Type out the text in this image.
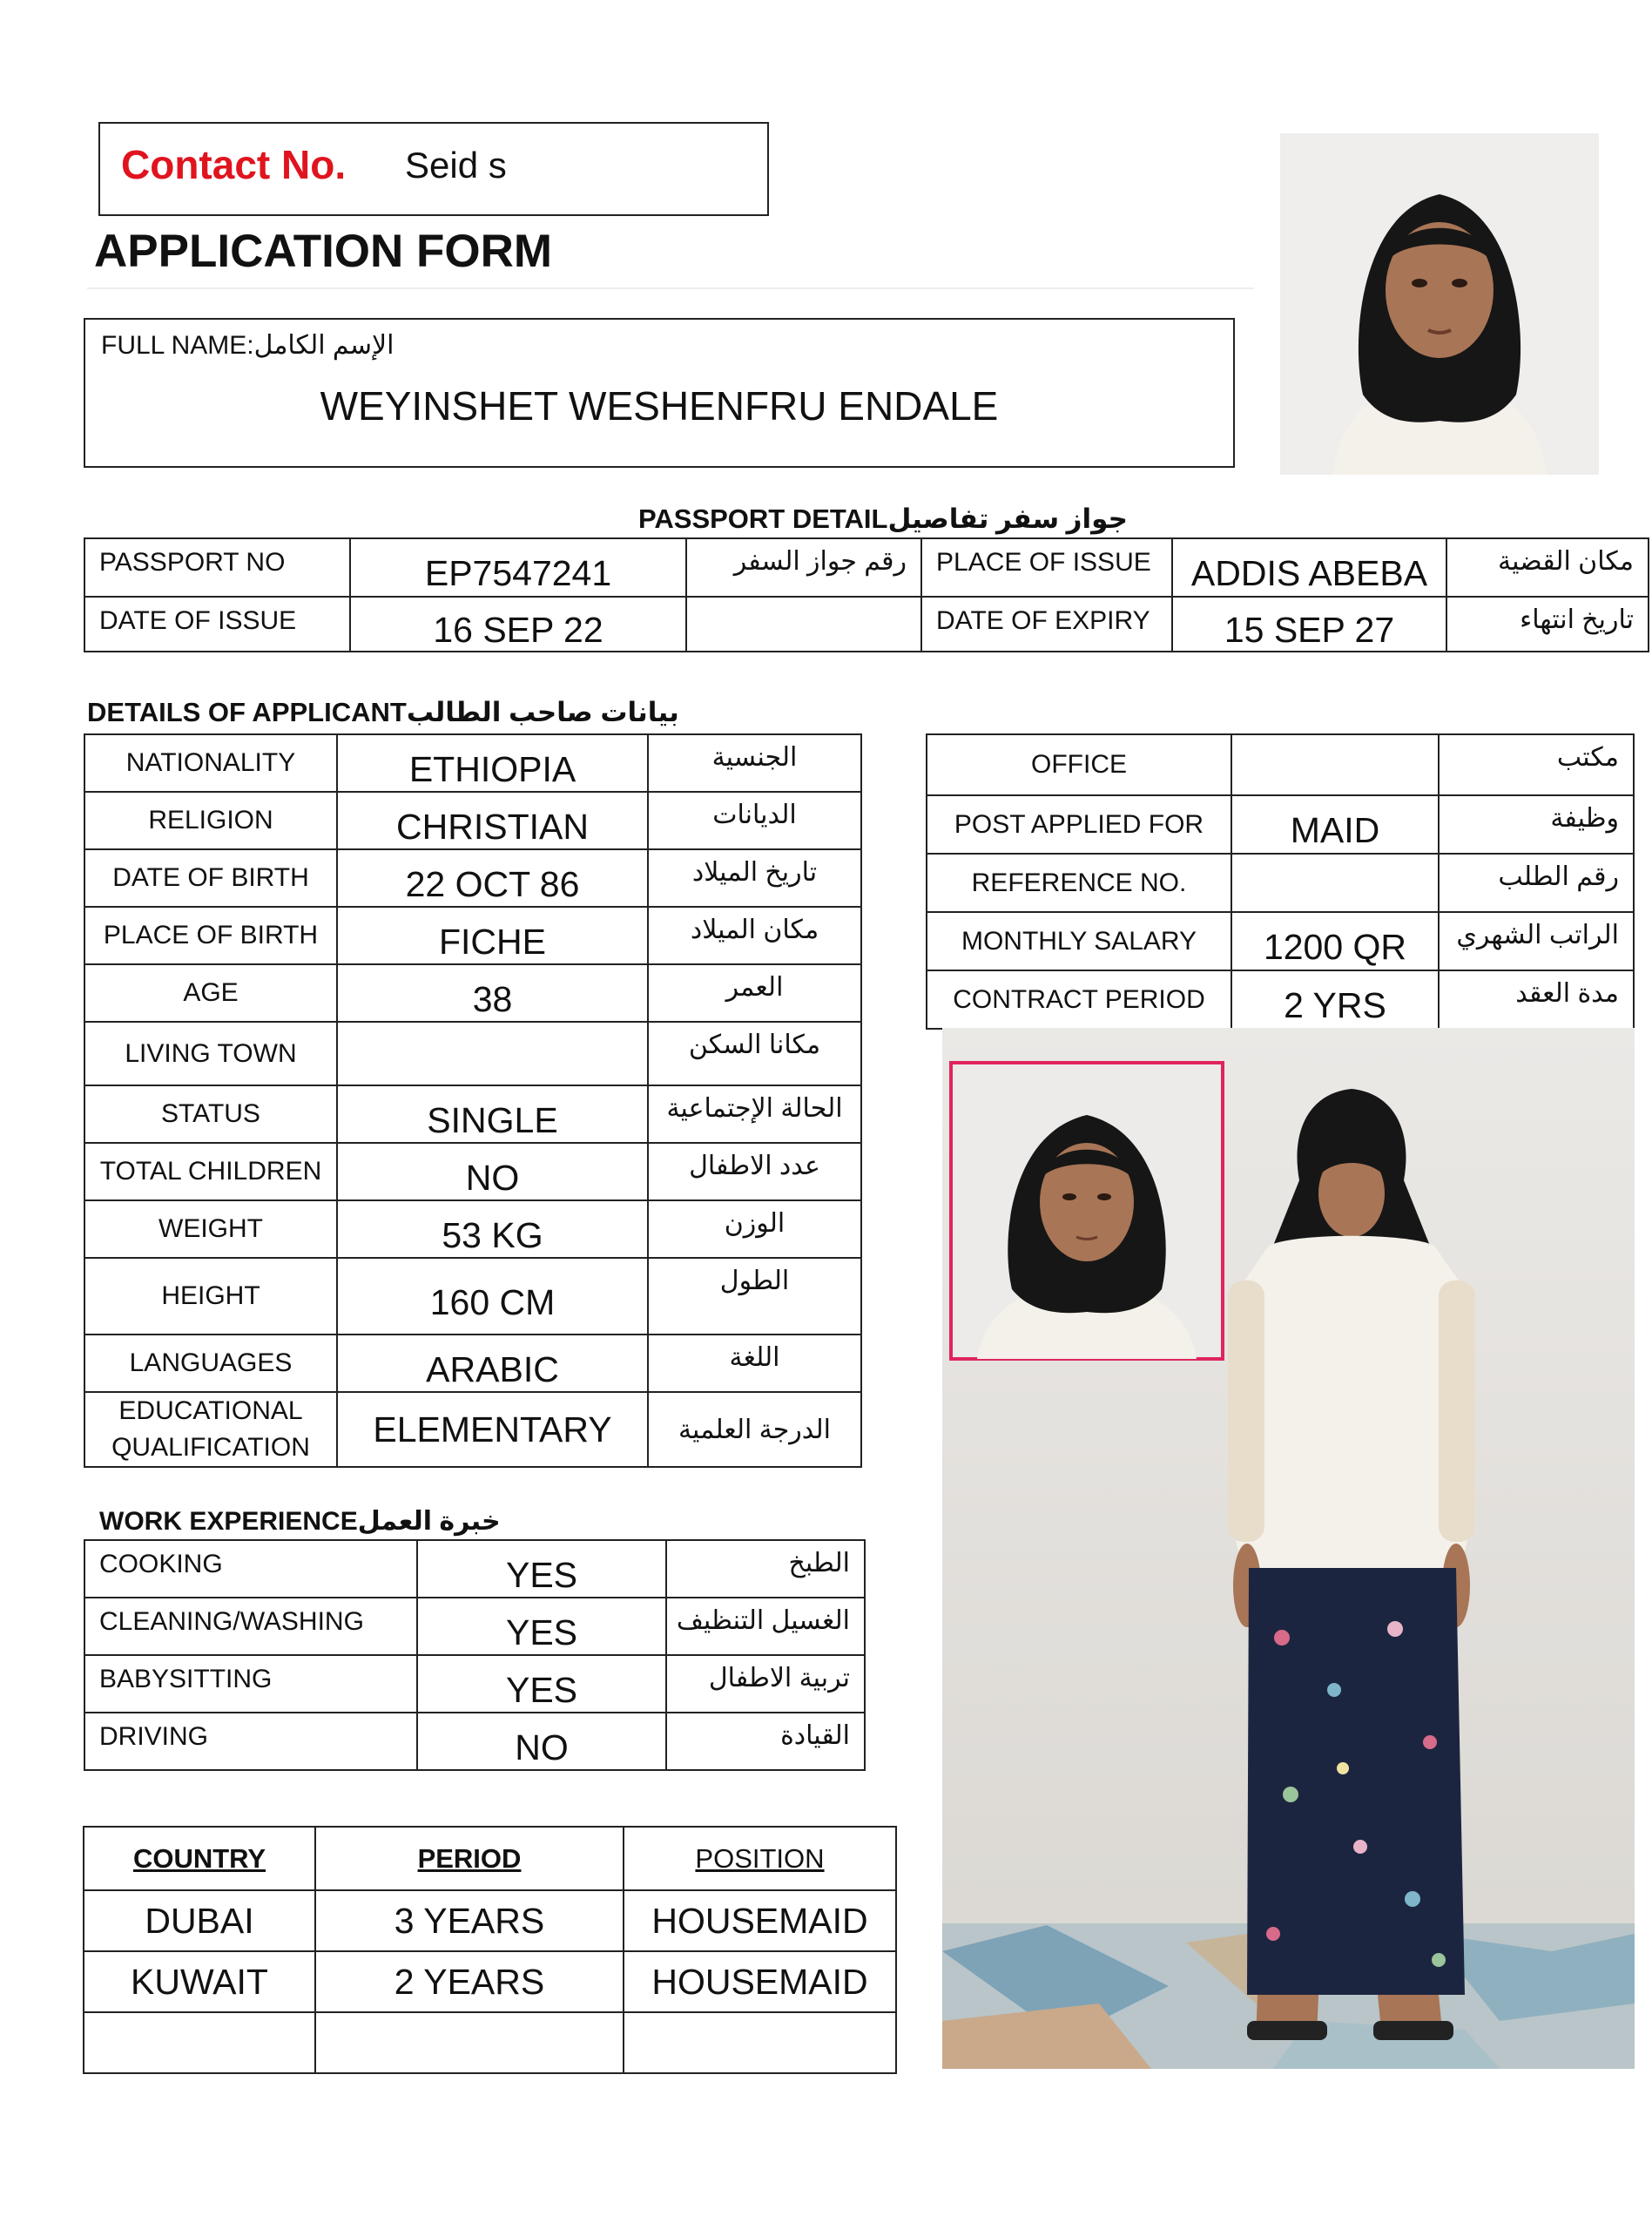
Contact No. Seid s
APPLICATION FORM
FULL NAME:الإسم الكامل
WEYINSHET WESHENFRU ENDALE
PASSPORT DETAILجواز سفر تفاصيل
PASSPORT NO	EP7547241	رقم جواز السفر	PLACE OF ISSUE	ADDIS ABEBA	مكان القضية
DATE OF ISSUE	16 SEP 22		DATE OF EXPIRY	15 SEP 27	تاريخ انتهاء
DETAILS OF APPLICANTبيانات صاحب الطالب
NATIONALITY	ETHIOPIA	الجنسية
RELIGION	CHRISTIAN	الديانات
DATE OF BIRTH	22 OCT 86	تاريخ الميلاد
PLACE OF BIRTH	FICHE	مكان الميلاد
AGE	38	العمر
LIVING TOWN		مكانا السكن
STATUS	SINGLE	الحالة الإجتماعية
TOTAL CHILDREN	NO	عدد الاطفال
WEIGHT	53 KG	الوزن
HEIGHT	160 CM	الطول
LANGUAGES	ARABIC	اللغة
EDUCATIONAL
QUALIFICATION	ELEMENTARY	الدرجة العلمية
OFFICE		مكتب
POST APPLIED FOR	MAID	وظيفة
REFERENCE NO.		رقم الطلب
MONTHLY SALARY	1200 QR	الراتب الشهري
CONTRACT PERIOD	2 YRS	مدة العقد
WORK EXPERIENCEخبرة العمل
COOKING	YES	الطبخ
CLEANING/WASHING	YES	الغسيل التنظيف
BABYSITTING	YES	تربية الاطفال
DRIVING	NO	القيادة
COUNTRY	PERIOD	POSITION
DUBAI	3 YEARS	HOUSEMAID
KUWAIT	2 YEARS	HOUSEMAID
